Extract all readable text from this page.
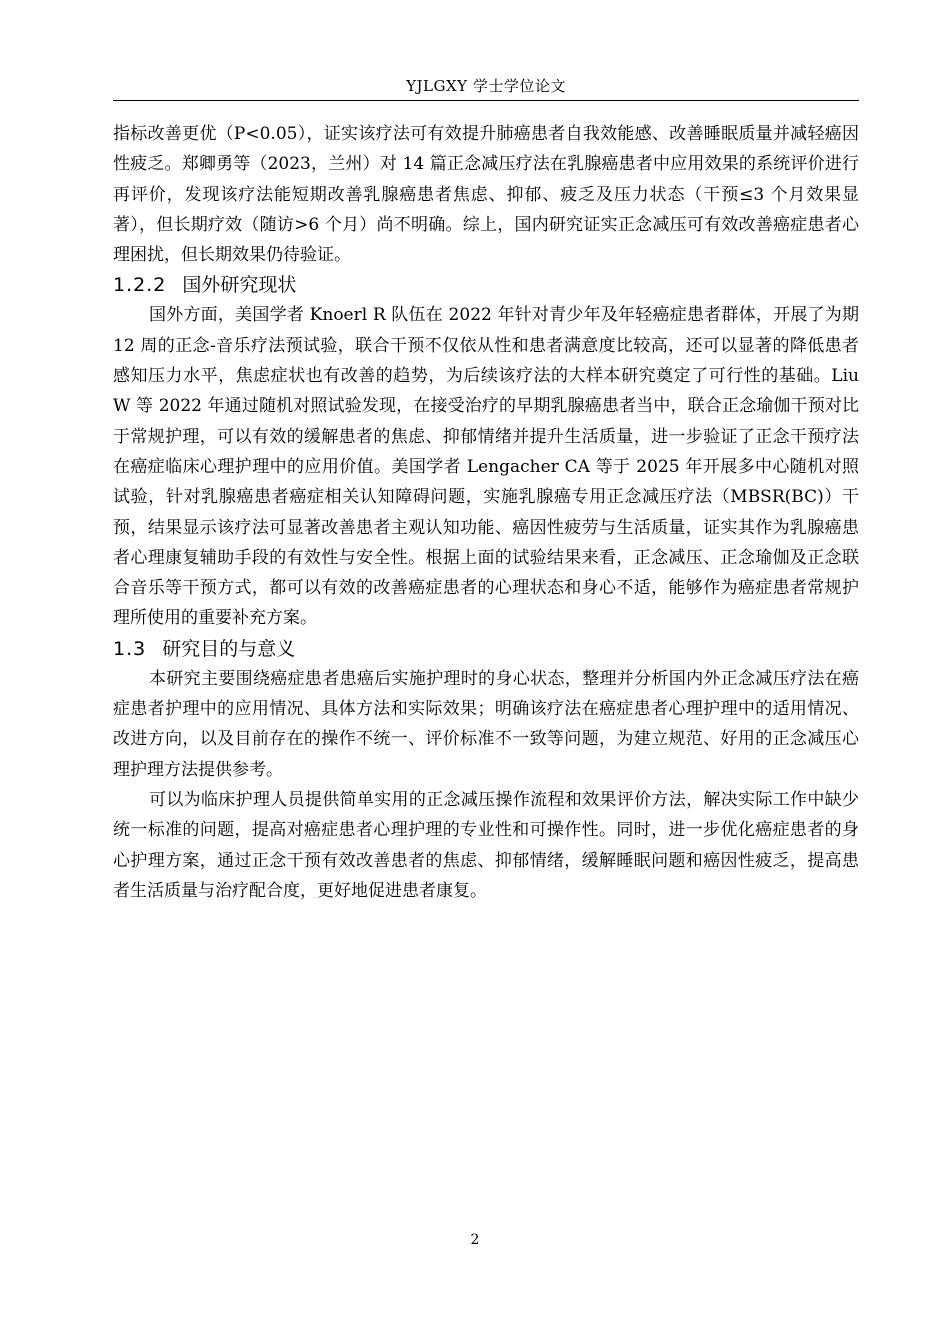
YJLGXY 学士学位论文

指标改善更优（P<0.05），证实该疗法可有效提升肺癌患者自我效能感、改善睡眠质量并减轻癌因性疲乏。郑卿勇等（2023，兰州）对 14 篇正念减压疗法在乳腺癌患者中应用效果的系统评价进行再评价，发现该疗法能短期改善乳腺癌患者焦虑、抑郁、疲乏及压力状态（干预≤3 个月效果显著），但长期疗效（随访>6 个月）尚不明确。综上，国内研究证实正念减压可有效改善癌症患者心理困扰，但长期效果仍待验证。

1.2.2 国外研究现状

国外方面，美国学者 Knoerl R 队伍在 2022 年针对青少年及年轻癌症患者群体，开展了为期 12 周的正念-音乐疗法预试验，联合干预不仅依从性和患者满意度比较高，还可以显著的降低患者感知压力水平，焦虑症状也有改善的趋势，为后续该疗法的大样本研究奠定了可行性的基础。Liu W 等 2022 年通过随机对照试验发现，在接受治疗的早期乳腺癌患者当中，联合正念瑜伽干预对比于常规护理，可以有效的缓解患者的焦虑、抑郁情绪并提升生活质量，进一步验证了正念干预疗法在癌症临床心理护理中的应用价值。美国学者 Lengacher CA 等于 2025 年开展多中心随机对照试验，针对乳腺癌患者癌症相关认知障碍问题，实施乳腺癌专用正念减压疗法（MBSR(BC)）干预，结果显示该疗法可显著改善患者主观认知功能、癌因性疲劳与生活质量，证实其作为乳腺癌患者心理康复辅助手段的有效性与安全性。根据上面的试验结果来看，正念减压、正念瑜伽及正念联合音乐等干预方式，都可以有效的改善癌症患者的心理状态和身心不适，能够作为癌症患者常规护理所使用的重要补充方案。

1.3 研究目的与意义

本研究主要围绕癌症患者患癌后实施护理时的身心状态，整理并分析国内外正念减压疗法在癌症患者护理中的应用情况、具体方法和实际效果；明确该疗法在癌症患者心理护理中的适用情况、改进方向，以及目前存在的操作不统一、评价标准不一致等问题，为建立规范、好用的正念减压心理护理方法提供参考。

可以为临床护理人员提供简单实用的正念减压操作流程和效果评价方法，解决实际工作中缺少统一标准的问题，提高对癌症患者心理护理的专业性和可操作性。同时，进一步优化癌症患者的身心护理方案，通过正念干预有效改善患者的焦虑、抑郁情绪，缓解睡眠问题和癌因性疲乏，提高患者生活质量与治疗配合度，更好地促进患者康复。

2
